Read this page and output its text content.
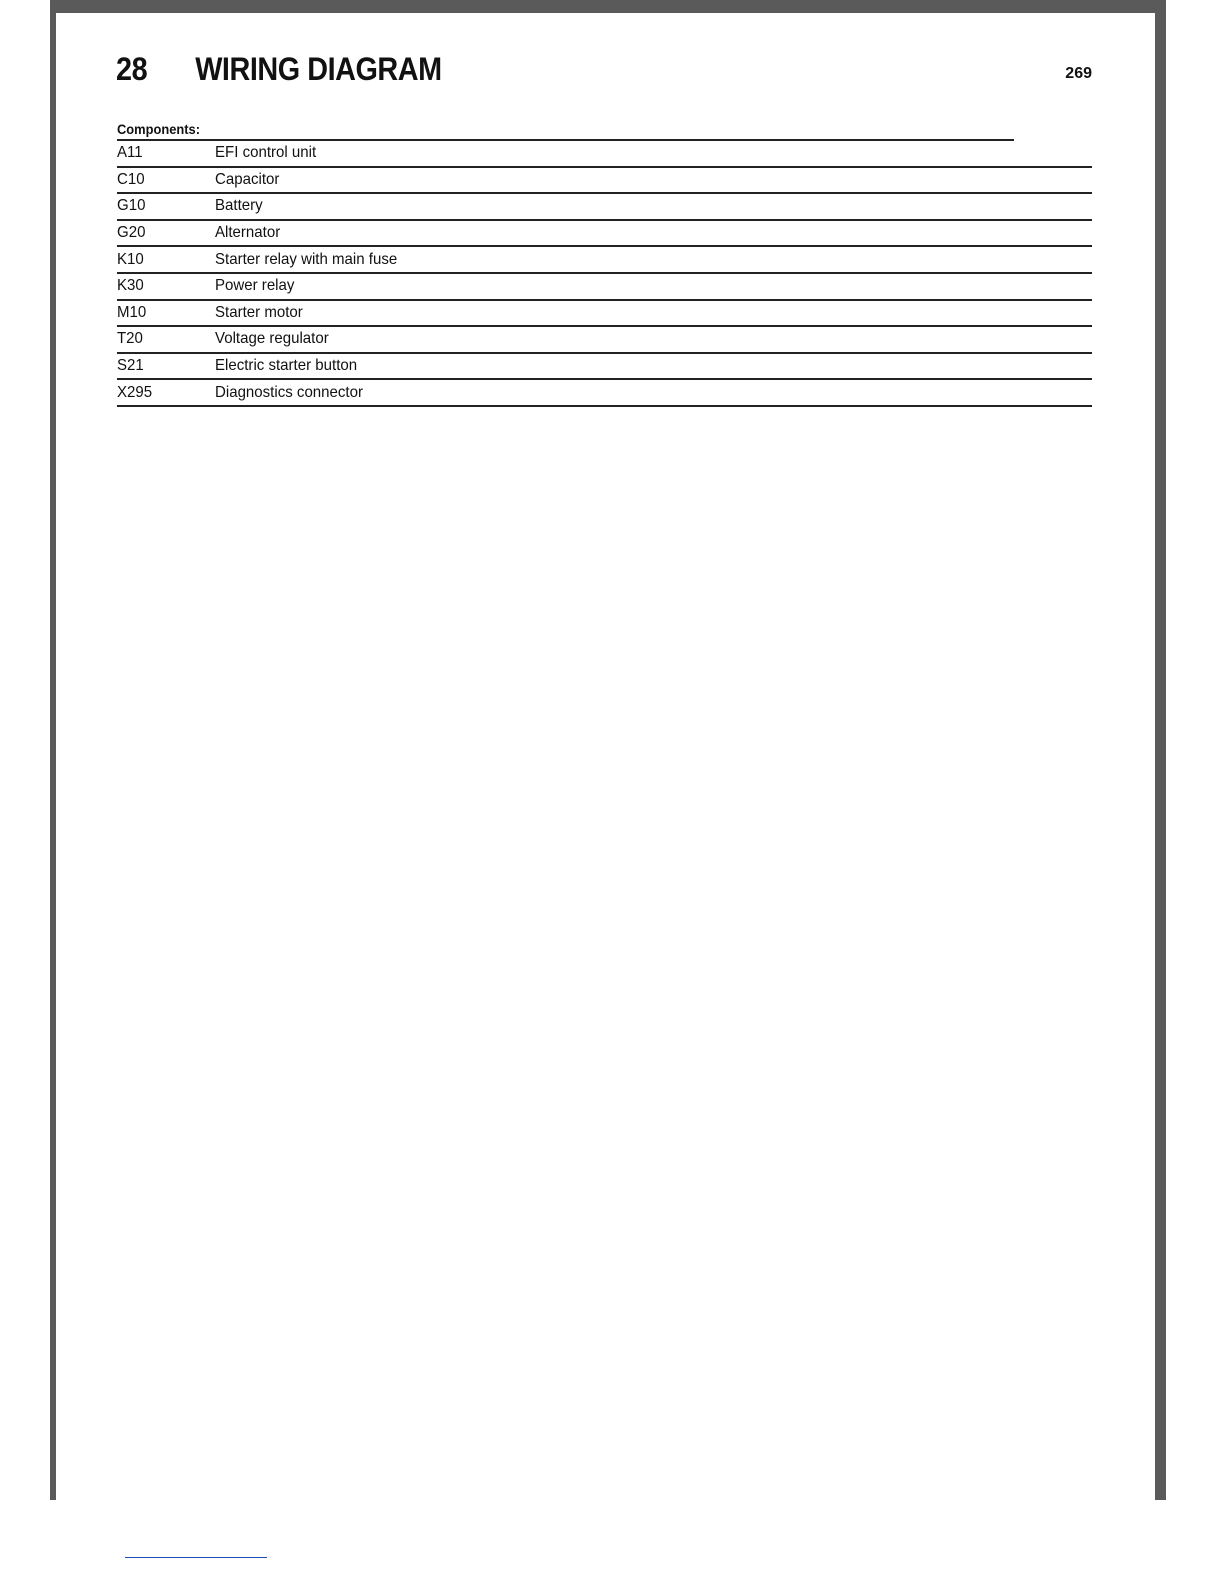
28 WIRING DIAGRAM	269
Components:
A11	EFI control unit
C10	Capacitor
G10	Battery
G20	Alternator
K10	Starter relay with main fuse
K30	Power relay
M10	Starter motor
T20	Voltage regulator
S21	Electric starter button
X295	Diagnostics connector
